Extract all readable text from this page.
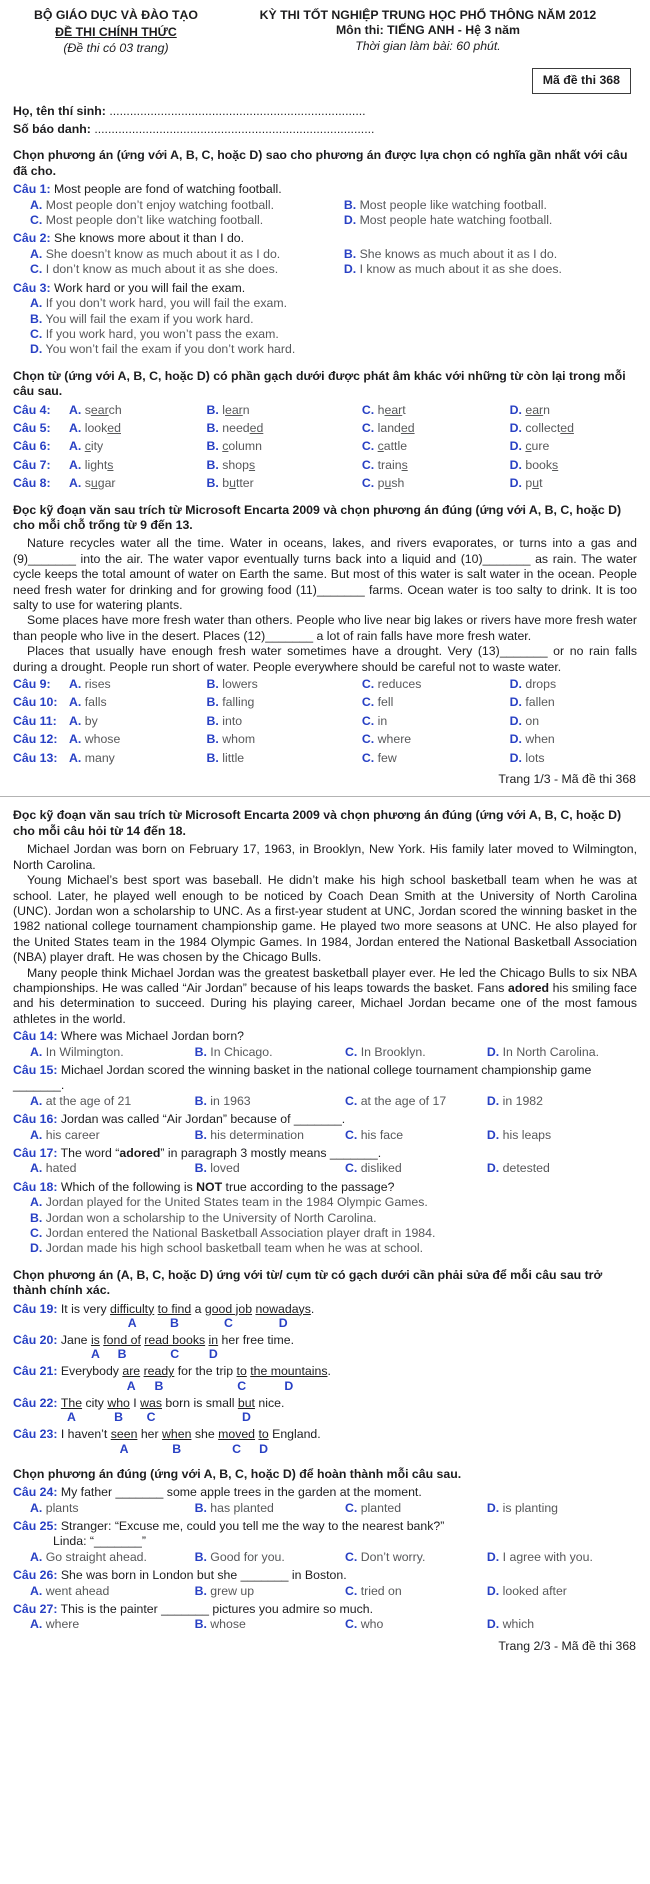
BỘ GIÁO DỤC VÀ ĐÀO TẠO
ĐỀ THI CHÍNH THỨC
(Đề thi có 03 trang)
KỲ THI TỐT NGHIỆP TRUNG HỌC PHỔ THÔNG NĂM 2012
Môn thi: TIẾNG ANH - Hệ 3 năm
Thời gian làm bài: 60 phút.
Mã đề thi 368

Họ, tên thí sinh: ...........................................................................

Số báo danh: ..................................................................................

Chọn phương án (ứng với A, B, C, hoặc D) sao cho phương án được lựa chọn có nghĩa gần nhất với câu đã cho.

Câu 1: Most people are fond of watching football.

A. Most people don’t enjoy watching football.	B. Most people like watching football.
C. Most people don’t like watching football.	D. Most people hate watching football.

Câu 2: She knows more about it than I do.

A. She doesn’t know as much about it as I do.	B. She knows as much about it as I do.
C. I don’t know as much about it as she does.	D. I know as much about it as she does.

Câu 3: Work hard or you will fail the exam.

A. If you don’t work hard, you will fail the exam.
B. You will fail the exam if you work hard.
C. If you work hard, you won’t pass the exam.
D. You won’t fail the exam if you don’t work hard.

Chọn từ (ứng với A, B, C, hoặc D) có phần gạch dưới được phát âm khác với những từ còn lại trong mỗi câu sau.

Câu 4:	A. search	B. learn	C. heart	D. earn
Câu 5:	A. looked	B. needed	C. landed	D. collected
Câu 6:	A. city	B. column	C. cattle	D. cure
Câu 7:	A. lights	B. shops	C. trains	D. books
Câu 8:	A. sugar	B. butter	C. push	D. put

Đọc kỹ đoạn văn sau trích từ Microsoft Encarta 2009 và chọn phương án đúng (ứng với A, B, C, hoặc D) cho mỗi chỗ trống từ 9 đến 13.

Nature recycles water all the time. Water in oceans, lakes, and rivers evaporates, or turns into a gas and (9)_______ into the air. The water vapor eventually turns back into a liquid and (10)_______ as rain. The water cycle keeps the total amount of water on Earth the same. But most of this water is salt water in the ocean. People need fresh water for drinking and for growing food (11)_______ farms. Ocean water is too salty to drink. It is too salty to use for watering plants.

Some places have more fresh water than others. People who live near big lakes or rivers have more fresh water than people who live in the desert. Places (12)_______ a lot of rain falls have more fresh water.

Places that usually have enough fresh water sometimes have a drought. Very (13)_______ or no rain falls during a drought. People run short of water. People everywhere should be careful not to waste water.

Câu 9:	A. rises	B. lowers	C. reduces	D. drops
Câu 10: A. falls	B. falling	C. fell	D. fallen
Câu 11: A. by	B. into	C. in	D. on
Câu 12: A. whose	B. whom	C. where	D. when
Câu 13: A. many	B. little	C. few	D. lots

Trang 1/3 - Mã đề thi 368

Đọc kỹ đoạn văn sau trích từ Microsoft Encarta 2009 và chọn phương án đúng (ứng với A, B, C, hoặc D) cho mỗi câu hỏi từ 14 đến 18.

Michael Jordan was born on February 17, 1963, in Brooklyn, New York. His family later moved to Wilmington, North Carolina.

Young Michael’s best sport was baseball. He didn’t make his high school basketball team when he was at school. Later, he played well enough to be noticed by Coach Dean Smith at the University of North Carolina (UNC). Jordan won a scholarship to UNC. As a first-year student at UNC, Jordan scored the winning basket in the 1982 national college tournament championship game. He played two more seasons at UNC. He also played for the United States team in the 1984 Olympic Games. In 1984, Jordan entered the National Basketball Association (NBA) player draft. He was chosen by the Chicago Bulls.

Many people think Michael Jordan was the greatest basketball player ever. He led the Chicago Bulls to six NBA championships. He was called “Air Jordan” because of his leaps towards the basket. Fans adored his smiling face and his determination to succeed. During his playing career, Michael Jordan became one of the most famous athletes in the world.

Câu 14: Where was Michael Jordan born?

A. In Wilmington.	B. In Chicago.	C. In Brooklyn.	D. In North Carolina.

Câu 15: Michael Jordan scored the winning basket in the national college tournament championship game _______.

A. at the age of 21	B. in 1963	C. at the age of 17	D. in 1982

Câu 16: Jordan was called “Air Jordan” because of _______.

A. his career	B. his determination	C. his face	D. his leaps

Câu 17: The word “adored” in paragraph 3 mostly means _______.

A. hated	B. loved	C. disliked	D. detested

Câu 18: Which of the following is NOT true according to the passage?

A. Jordan played for the United States team in the 1984 Olympic Games.
B. Jordan won a scholarship to the University of North Carolina.
C. Jordan entered the National Basketball Association player draft in 1984.
D. Jordan made his high school basketball team when he was at school.

Chọn phương án (A, B, C, hoặc D) ứng với từ/ cụm từ có gạch dưới cần phải sửa để mỗi câu sau trở thành chính xác.

Câu 19: It is very difficulty
A
to find
B
a good job
C
nowadays
D
.

Câu 20: Jane $\frac{is}{A}$ fond of
B
read books
C	$\frac{in}{D}$ her free time.

Câu 21: Everybody are
A
ready
B
for the trip $\frac{to}{C}$ the mountains
D
.

Câu 22: The
A
city who
B
I was
C
born is small but
D
nice.

Câu 23: I haven’t seen
A
her when
B
she moved
C	$\frac{to}{D}$ England.

Chọn phương án đúng (ứng với A, B, C, hoặc D) để hoàn thành mỗi câu sau.

Câu 24: My father _______ some apple trees in the garden at the moment.

A. plants	B. has planted	C. planted	D. is planting

Câu 25: Stranger: “Excuse me, could you tell me the way to the nearest bank?”

Linda: “_______”

A. Go straight ahead.	B. Good for you.	C. Don’t worry.	D. I agree with you.

Câu 26: She was born in London but she _______ in Boston.

A. went ahead	B. grew up	C. tried on	D. looked after

Câu 27: This is the painter _______ pictures you admire so much.

A. where	B. whose	C. who	D. which

Trang 2/3 - Mã đề thi 368
